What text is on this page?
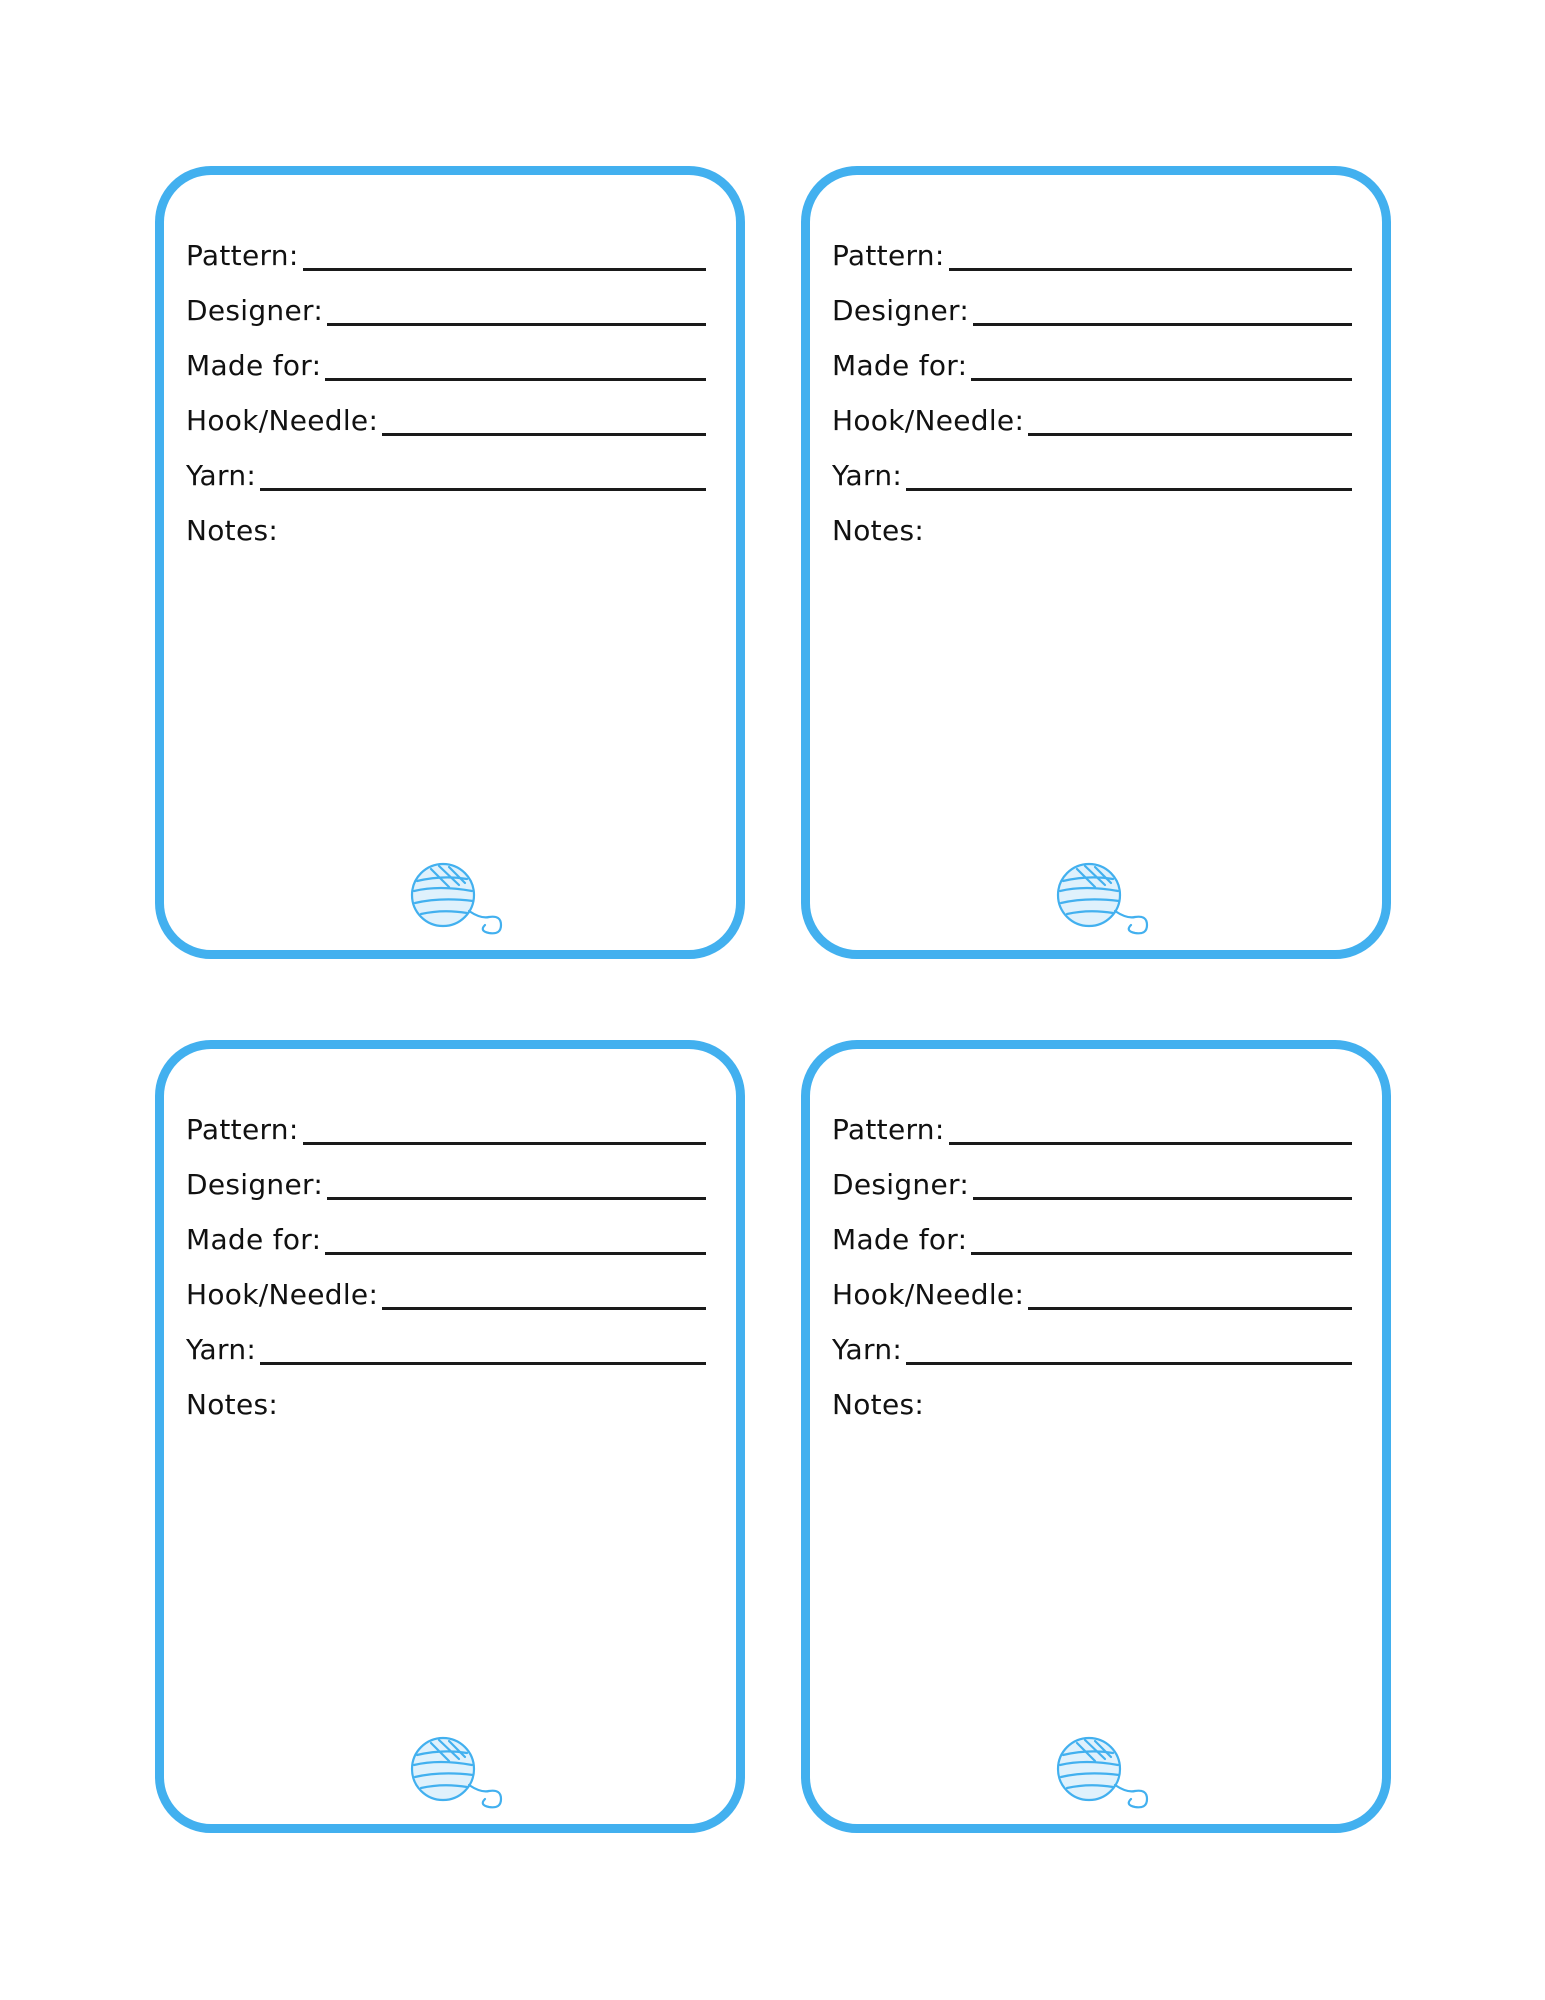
Pattern:
Designer:
Made for:
Hook/Needle:
Yarn:
Notes:
Pattern:
Designer:
Made for:
Hook/Needle:
Yarn:
Notes:
Pattern:
Designer:
Made for:
Hook/Needle:
Yarn:
Notes:
Pattern:
Designer:
Made for:
Hook/Needle:
Yarn:
Notes:
